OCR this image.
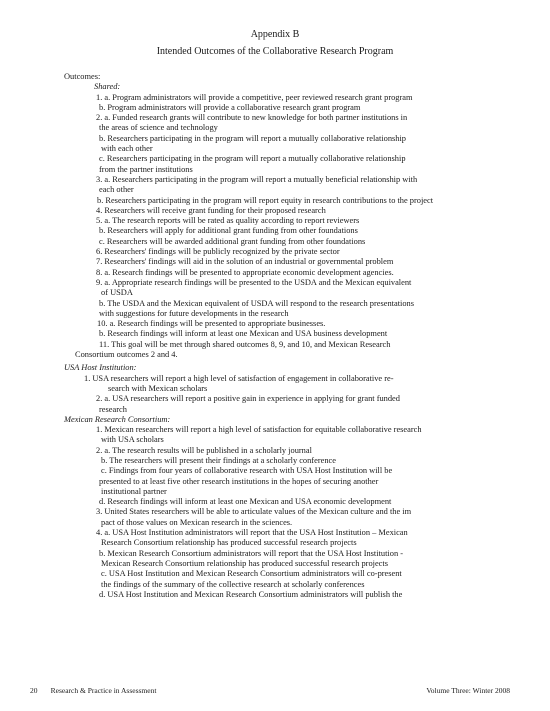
Appendix B
Intended Outcomes of the Collaborative Research Program
Outcomes:
Shared:
1. a. Program administrators will provide a competitive, peer reviewed research grant program
b. Program administrators will provide a collaborative research grant program
2. a. Funded research grants will contribute to new knowledge for both partner institutions in
the areas of science and technology
b. Researchers participating in the program will report a mutually collaborative relationship
with each other
c. Researchers participating in the program will report a mutually collaborative relationship
from the partner institutions
3. a. Researchers participating in the program will report a mutually beneficial relationship with
each other
b. Researchers participating in the program will report equity in research contributions to the project
4. Researchers will receive grant funding for their proposed research
5. a. The research reports will be rated as quality according to report reviewers
b. Researchers will apply for additional grant funding from other foundations
c. Researchers will be awarded additional grant funding from other foundations
6. Researchers' findings will be publicly recognized by the private sector
7. Researchers' findings will aid in the solution of an industrial or governmental problem
8. a. Research findings will be presented to appropriate economic development agencies.
9. a. Appropriate research findings will be presented to the USDA and the Mexican equivalent
of USDA
b. The USDA and the Mexican equivalent of USDA will respond to the research presentations
with suggestions for future developments in the research
10. a. Research findings will be presented to appropriate businesses.
b. Research findings will inform at least one Mexican and USA business development
11. This goal will be met through shared outcomes 8, 9, and 10, and Mexican Research
Consortium outcomes 2 and 4.
USA Host Institution:
1. USA researchers will report a high level of satisfaction of engagement in collaborative re-
search with Mexican scholars
2. a. USA researchers will report a positive gain in experience in applying for grant funded
research
Mexican Research Consortium:
1. Mexican researchers will report a high level of satisfaction for equitable collaborative research
with USA scholars
2. a. The research results will be published in a scholarly journal
b. The researchers will present their findings at a scholarly conference
c. Findings from four years of collaborative research with USA Host Institution will be
presented to at least five other research institutions in the hopes of securing another
institutional partner
d. Research findings will inform at least one Mexican and USA economic development
3. United States researchers will be able to articulate values of the Mexican culture and the im
pact of those values on Mexican research in the sciences.
4. a. USA Host Institution administrators will report that the USA Host Institution – Mexican
Research Consortium relationship has produced successful research projects
b. Mexican Research Consortium administrators will report that the USA Host Institution -
Mexican Research Consortium relationship has produced successful research projects
c. USA Host Institution and Mexican Research Consortium administrators will co-present
the findings of the summary of the collective research at scholarly conferences
d. USA Host Institution and Mexican Research Consortium administrators will publish the
20 Research & Practice in Assessment	Volume Three: Winter 2008
